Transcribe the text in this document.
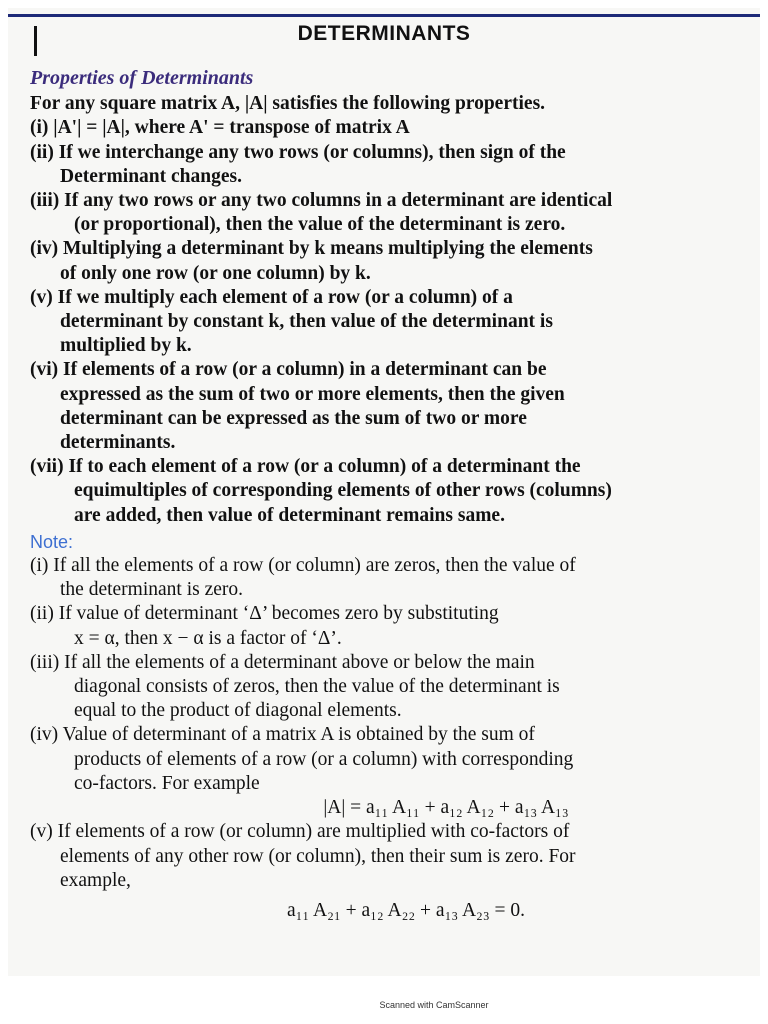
DETERMINANTS
Properties of Determinants
For any square matrix A, |A| satisfies the following properties.
(i) |A'| = |A|, where A' = transpose of matrix A
(ii) If we interchange any two rows (or columns), then sign of the
Determinant changes.
(iii) If any two rows or any two columns in a determinant are identical
(or proportional), then the value of the determinant is zero.
(iv) Multiplying a determinant by k means multiplying the elements
of only one row (or one column) by k.
(v) If we multiply each element of a row (or a column) of a
determinant by constant k, then value of the determinant is
multiplied by k.
(vi) If elements of a row (or a column) in a determinant can be
expressed as the sum of two or more elements, then the given
determinant can be expressed as the sum of two or more
determinants.
(vii) If to each element of a row (or a column) of a determinant the
equimultiples of corresponding elements of other rows (columns)
are added, then value of determinant remains same.
Note:
(i) If all the elements of a row (or column) are zeros, then the value of
the determinant is zero.
(ii) If value of determinant ‘Δ’ becomes zero by substituting
x = α, then x − α is a factor of ‘Δ’.
(iii) If all the elements of a determinant above or below the main
diagonal consists of zeros, then the value of the determinant is
equal to the product of diagonal elements.
(iv) Value of determinant of a matrix A is obtained by the sum of
products of elements of a row (or a column) with corresponding
co-factors. For example
|A| = a₁₁ A₁₁ + a₁₂ A₁₂ + a₁₃ A₁₃
(v) If elements of a row (or column) are multiplied with co-factors of
elements of any other row (or column), then their sum is zero. For
example,
a₁₁ A₂₁ + a₁₂ A₂₂ + a₁₃ A₂₃ = 0.
Scanned with CamScanner
